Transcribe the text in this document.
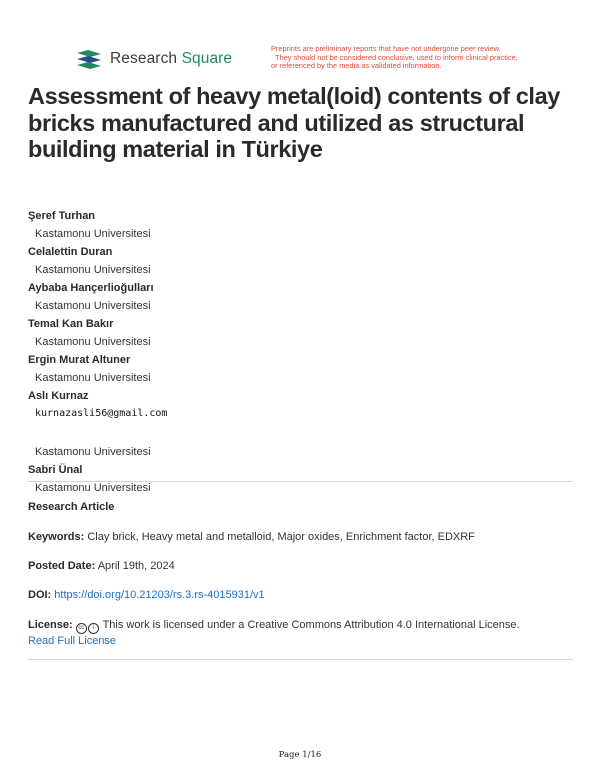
Research Square
Preprints are preliminary reports that have not undergone peer review.
They should not be considered conclusive, used to inform clinical practice,
or referenced by the media as validated information.
Assessment of heavy metal(loid) contents of clay bricks manufactured and utilized as structural building material in Türkiye
Şeref Turhan
Kastamonu Universitesi
Celalettin Duran
Kastamonu Universitesi
Aybaba Hançerlioğulları
Kastamonu Universitesi
Temal Kan Bakır
Kastamonu Universitesi
Ergin Murat Altuner
Kastamonu Universitesi
Aslı Kurnaz
kurnazasli56@gmail.com
Kastamonu Universitesi
Sabri Ünal
Kastamonu Universitesi
Research Article
Keywords: Clay brick, Heavy metal and metalloid, Major oxides, Enrichment factor, EDXRF
Posted Date: April 19th, 2024
DOI: https://doi.org/10.21203/rs.3.rs-4015931/v1
License: cc i This work is licensed under a Creative Commons Attribution 4.0 International License.
Read Full License
Page 1/16
